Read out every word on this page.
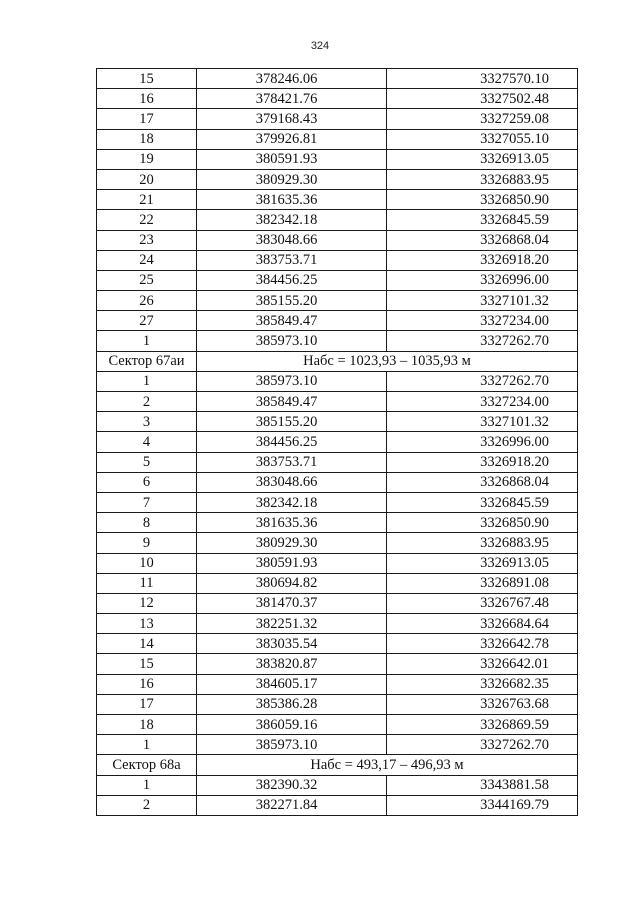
324
15	378246.06	3327570.10
16	378421.76	3327502.48
17	379168.43	3327259.08
18	379926.81	3327055.10
19	380591.93	3326913.05
20	380929.30	3326883.95
21	381635.36	3326850.90
22	382342.18	3326845.59
23	383048.66	3326868.04
24	383753.71	3326918.20
25	384456.25	3326996.00
26	385155.20	3327101.32
27	385849.47	3327234.00
1	385973.10	3327262.70
Сектор 67аи	Набс = 1023,93 – 1035,93 м	
1	385973.10	3327262.70
2	385849.47	3327234.00
3	385155.20	3327101.32
4	384456.25	3326996.00
5	383753.71	3326918.20
6	383048.66	3326868.04
7	382342.18	3326845.59
8	381635.36	3326850.90
9	380929.30	3326883.95
10	380591.93	3326913.05
11	380694.82	3326891.08
12	381470.37	3326767.48
13	382251.32	3326684.64
14	383035.54	3326642.78
15	383820.87	3326642.01
16	384605.17	3326682.35
17	385386.28	3326763.68
18	386059.16	3326869.59
1	385973.10	3327262.70
Сектор 68а	Набс = 493,17 – 496,93 м	
1	382390.32	3343881.58
2	382271.84	3344169.79
